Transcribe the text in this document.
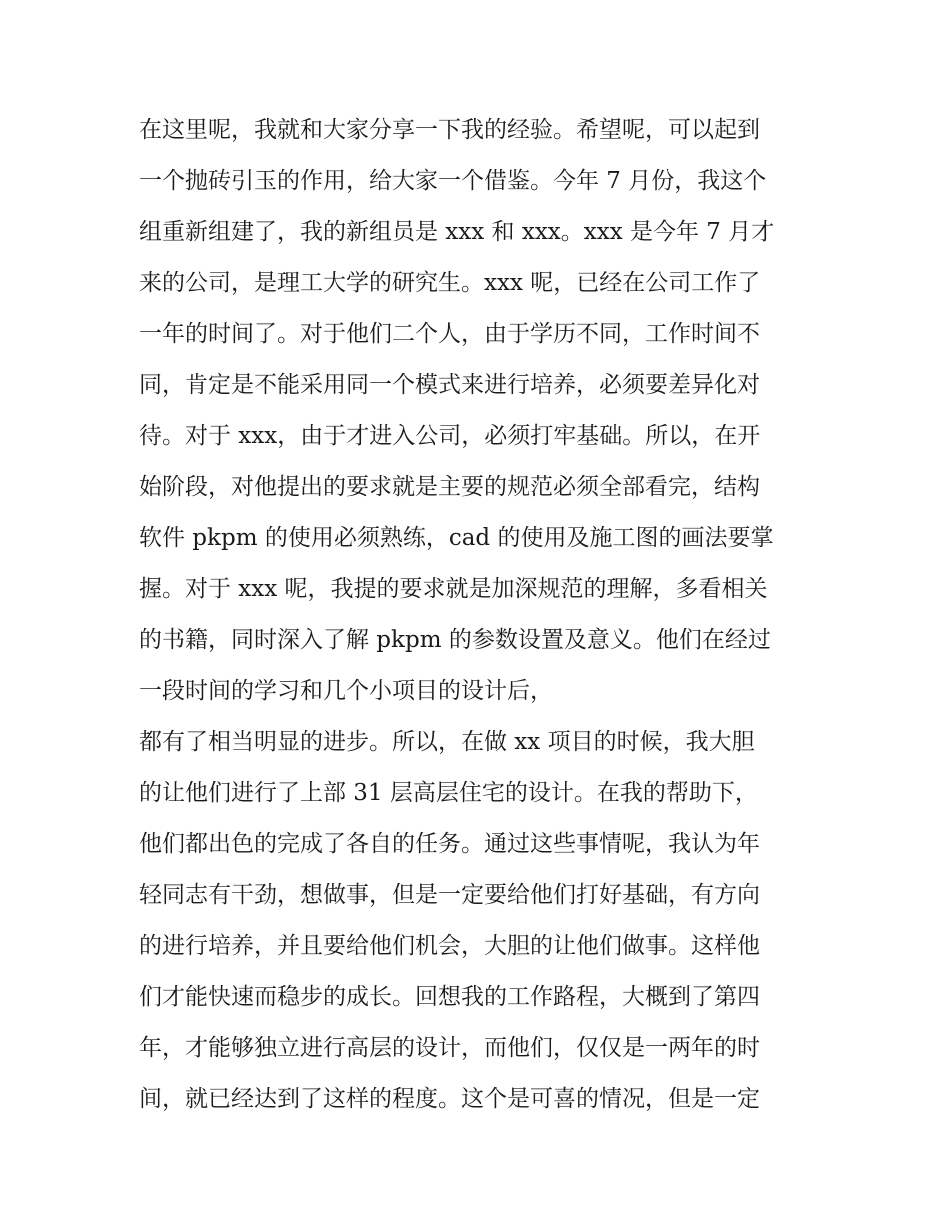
在这里呢，我就和大家分享一下我的经验。希望呢，可以起到
一个抛砖引玉的作用，给大家一个借鉴。今年 7 月份，我这个
组重新组建了，我的新组员是 xxx 和 xxx。xxx 是今年 7 月才
来的公司，是理工大学的研究生。xxx 呢，已经在公司工作了
一年的时间了。对于他们二个人，由于学历不同，工作时间不
同，肯定是不能采用同一个模式来进行培养，必须要差异化对
待。对于 xxx，由于才进入公司，必须打牢基础。所以，在开
始阶段，对他提出的要求就是主要的规范必须全部看完，结构
软件 pkpm 的使用必须熟练，cad 的使用及施工图的画法要掌
握。对于 xxx 呢，我提的要求就是加深规范的理解，多看相关
的书籍，同时深入了解 pkpm 的参数设置及意义。他们在经过
一段时间的学习和几个小项目的设计后，
都有了相当明显的进步。所以，在做 xx 项目的时候，我大胆
的让他们进行了上部 31 层高层住宅的设计。在我的帮助下，
他们都出色的完成了各自的任务。通过这些事情呢，我认为年
轻同志有干劲，想做事，但是一定要给他们打好基础，有方向
的进行培养，并且要给他们机会，大胆的让他们做事。这样他
们才能快速而稳步的成长。回想我的工作路程，大概到了第四
年，才能够独立进行高层的设计，而他们，仅仅是一两年的时
间，就已经达到了这样的程度。这个是可喜的情况，但是一定
